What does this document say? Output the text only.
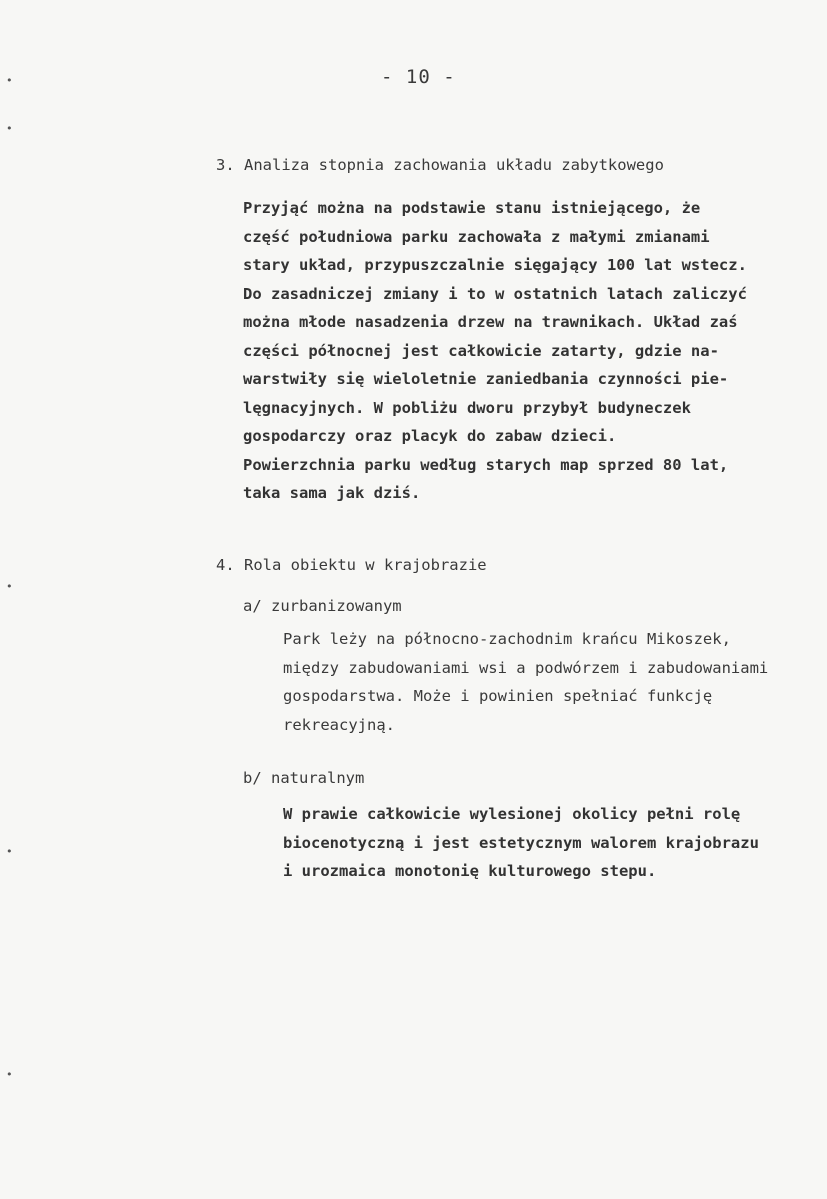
- 10 -
•
•
•
•
•
3. Analiza stopnia zachowania układu zabytkowego
Przyjąć można na podstawie stanu istniejącego, że
część południowa parku zachowała z małymi zmianami
stary układ, przypuszczalnie sięgający 100 lat wstecz.
Do zasadniczej zmiany i to w ostatnich latach zaliczyć
można młode nasadzenia drzew na trawnikach. Układ zaś
części północnej jest całkowicie zatarty, gdzie na-
warstwiły się wieloletnie zaniedbania czynności pie-
lęgnacyjnych. W pobliżu dworu przybył budyneczek
gospodarczy oraz placyk do zabaw dzieci.
Powierzchnia parku według starych map sprzed 80 lat,
taka sama jak dziś.
4. Rola obiektu w krajobrazie
a/ zurbanizowanym
Park leży na północno-zachodnim krańcu Mikoszek,
między zabudowaniami wsi a podwórzem i zabudowaniami
gospodarstwa. Może i powinien spełniać funkcję
rekreacyjną.
b/ naturalnym
W prawie całkowicie wylesionej okolicy pełni rolę
biocenotyczną i jest estetycznym walorem krajobrazu
i urozmaica monotonię kulturowego stepu.
